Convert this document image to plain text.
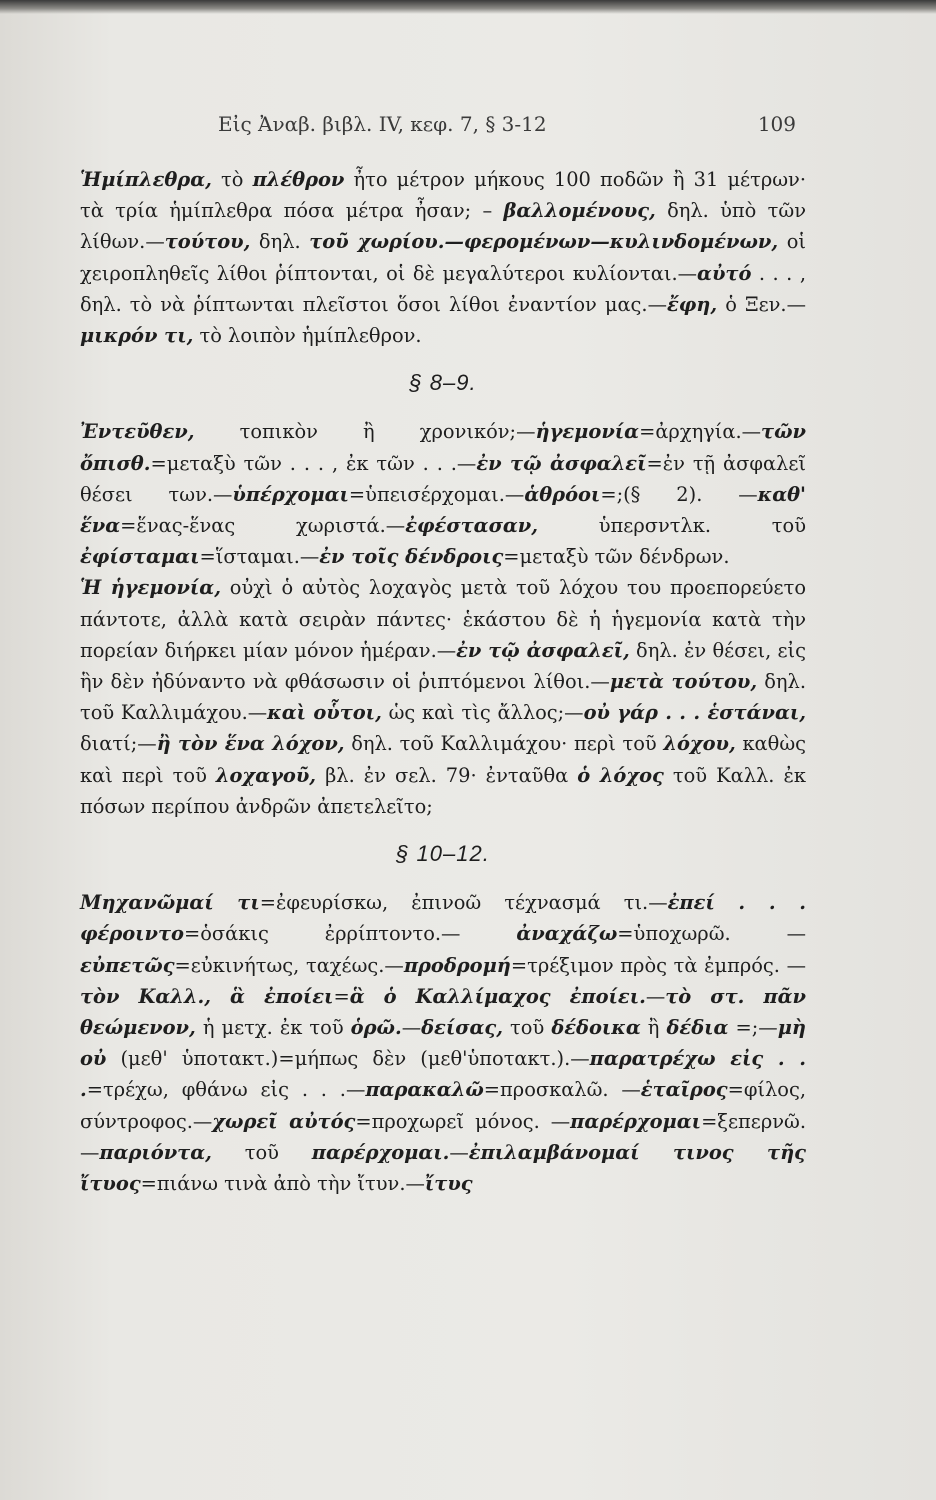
Εἰς Ἀναβ. βιβλ. IV, κεφ. 7, § 3-12	109

Ἡμίπλεθρα, τὸ πλέθρον ἦτο μέτρον μήκους 100 ποδῶν ἢ 31 μέτρων· τὰ τρία ἡμίπλεθρα πόσα μέτρα ἦσαν; – βαλλομένους, δηλ. ὑπὸ τῶν λίθων.—τούτου, δηλ. τοῦ χωρίου.—φερομένων—κυλινδομένων, οἱ χειροπληθεῖς λίθοι ῥίπτονται, οἱ δὲ μεγαλύτεροι κυλίονται.—αὐτό . . . , δηλ. τὸ νὰ ῥίπτωνται πλεῖστοι ὅσοι λίθοι ἐναντίον μας.—ἔφη, ὁ Ξεν.—μικρόν τι, τὸ λοιπὸν ἡμίπλεθρον.

§ 8–9.

Ἐντεῦθεν, τοπικὸν ἢ χρονικόν;—ἡγεμονία=ἀρχηγία.—τῶν ὄπισθ.=μεταξὺ τῶν . . . , ἐκ τῶν . . .—ἐν τῷ ἀσφαλεῖ=ἐν τῇ ἀσφαλεῖ θέσει των.—ὑπέρχομαι=ὑπεισέρχομαι.—ἁθρόοι=;(§ 2). —καθ' ἕνα=ἕνας-ἕνας χωριστά.—ἐφέστασαν, ὑπερσντλκ. τοῦ ἐφίσταμαι=ἵσταμαι.—ἐν τοῖς δένδροις=μεταξὺ τῶν δένδρων.

Ἡ ἡγεμονία, οὐχὶ ὁ αὐτὸς λοχαγὸς μετὰ τοῦ λόχου του προεπορεύετο πάντοτε, ἀλλὰ κατὰ σειρὰν πάντες· ἑκάστου δὲ ἡ ἡγεμονία κατὰ τὴν πορείαν διήρκει μίαν μόνον ἡμέραν.—ἐν τῷ ἀσφαλεῖ, δηλ. ἐν θέσει, εἰς ἣν δὲν ἠδύναντο νὰ φθάσωσιν οἱ ῥιπτόμενοι λίθοι.—μετὰ τούτου, δηλ. τοῦ Καλλιμάχου.—καὶ οὗτοι, ὡς καὶ τὶς ἄλλος;—οὐ γάρ . . . ἑστάναι, διατί;—ἢ τὸν ἕνα λόχον, δηλ. τοῦ Καλλιμάχου· περὶ τοῦ λόχου, καθὼς καὶ περὶ τοῦ λοχαγοῦ, βλ. ἐν σελ. 79· ἐνταῦθα ὁ λόχος τοῦ Καλλ. ἐκ πόσων περίπου ἀνδρῶν ἀπετελεῖτο;

§ 10–12.

Μηχανῶμαί τι=ἐφευρίσκω, ἐπινοῶ τέχνασμά τι.—ἐπεί . . . φέροιντο=ὁσάκις ἐρρίπτοντο.— ἀναχάζω=ὑποχωρῶ. — εὐπετῶς=εὐκινήτως, ταχέως.—προδρομή=τρέξιμον πρὸς τὰ ἐμπρός. —τὸν Καλλ., ἃ ἐποίει=ἃ ὁ Καλλίμαχος ἐποίει.—τὸ στ. πᾶν θεώμενον, ἡ μετχ. ἐκ τοῦ ὁρῶ.—δείσας, τοῦ δέδοικα ἢ δέδια =;—μὴ οὐ (μεθ' ὑποτακτ.)=μήπως δὲν (μεθ'ὑποτακτ.).—παρατρέχω εἰς . . .=τρέχω, φθάνω εἰς . . .—παρακαλῶ=προσκαλῶ. —ἑταῖρος=φίλος, σύντροφος.—χωρεῖ αὐτός=προχωρεῖ μόνος. —παρέρχομαι=ξεπερνῶ.—παριόντα, τοῦ παρέρχομαι.—ἐπιλαμβάνομαί τινος τῆς ἴτυος=πιάνω τινὰ ἀπὸ τὴν ἴτυν.—ἴτυς
